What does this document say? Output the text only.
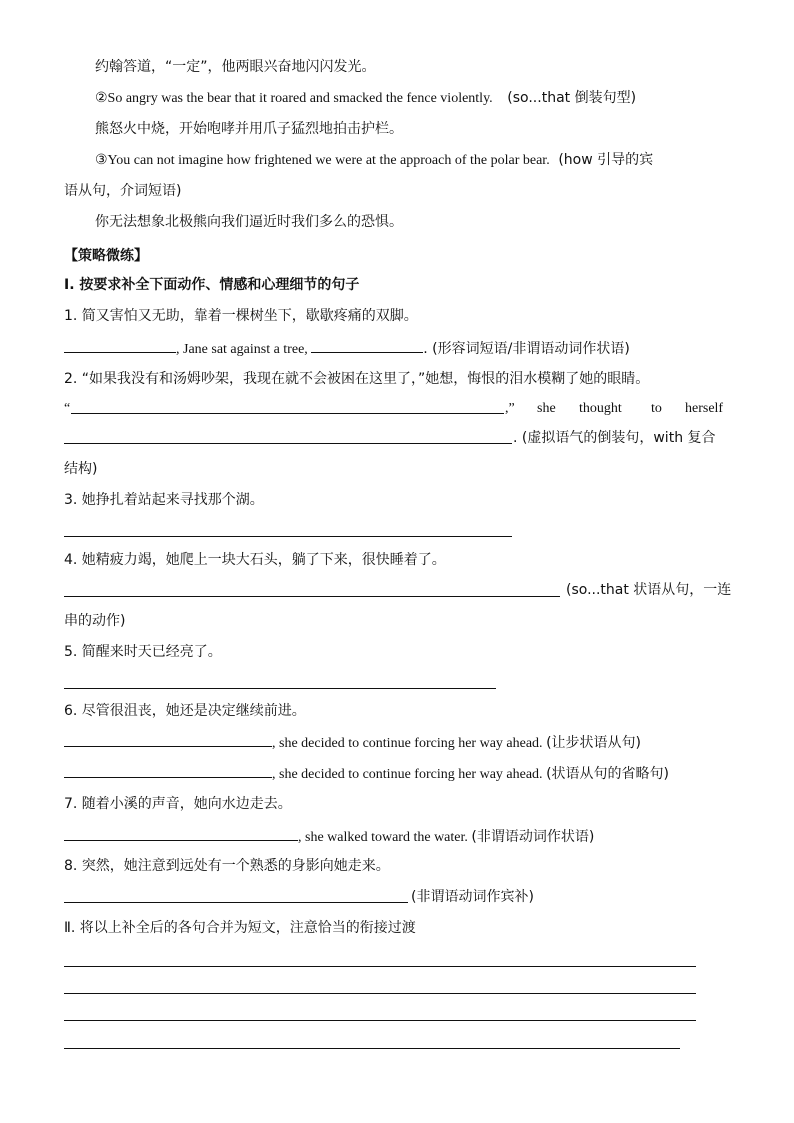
约翰答道，“一定”，他两眼兴奋地闪闪发光。
②So angry was the bear that it roared and smacked the fence violently. (so...that 倒装句型)
熊怒火中烧，开始咆哮并用爪子猛烈地拍击护栏。
③You can not imagine how frightened we were at the approach of the polar bear. (how 引导的宾
语从句，介词短语)
你无法想象北极熊向我们逼近时我们多么的恐惧。
【策略微练】
Ⅰ. 按要求补全下面动作、情感和心理细节的句子
1. 简又害怕又无助，靠着一棵树坐下，歇歇疼痛的双脚。
, Jane sat against a tree,	. (形容词短语/非谓语动词作状语)
2. “如果我没有和汤姆吵架，我现在就不会被困在这里了，”她想，悔恨的泪水模糊了她的眼睛。
“	,” she thought to herself
. (虚拟语气的倒装句，with 复合
结构)
3. 她挣扎着站起来寻找那个湖。
4. 她精疲力竭，她爬上一块大石头，躺了下来，很快睡着了。
(so...that 状语从句，一连
串的动作)
5. 简醒来时天已经亮了。
6. 尽管很沮丧，她还是决定继续前进。
, she decided to continue forcing her way ahead. (让步状语从句)
, she decided to continue forcing her way ahead. (状语从句的省略句)
7. 随着小溪的声音，她向水边走去。
, she walked toward the water. (非谓语动词作状语)
8. 突然，她注意到远处有一个熟悉的身影向她走来。
(非谓语动词作宾补)
Ⅱ. 将以上补全后的各句合并为短文，注意恰当的衔接过渡
